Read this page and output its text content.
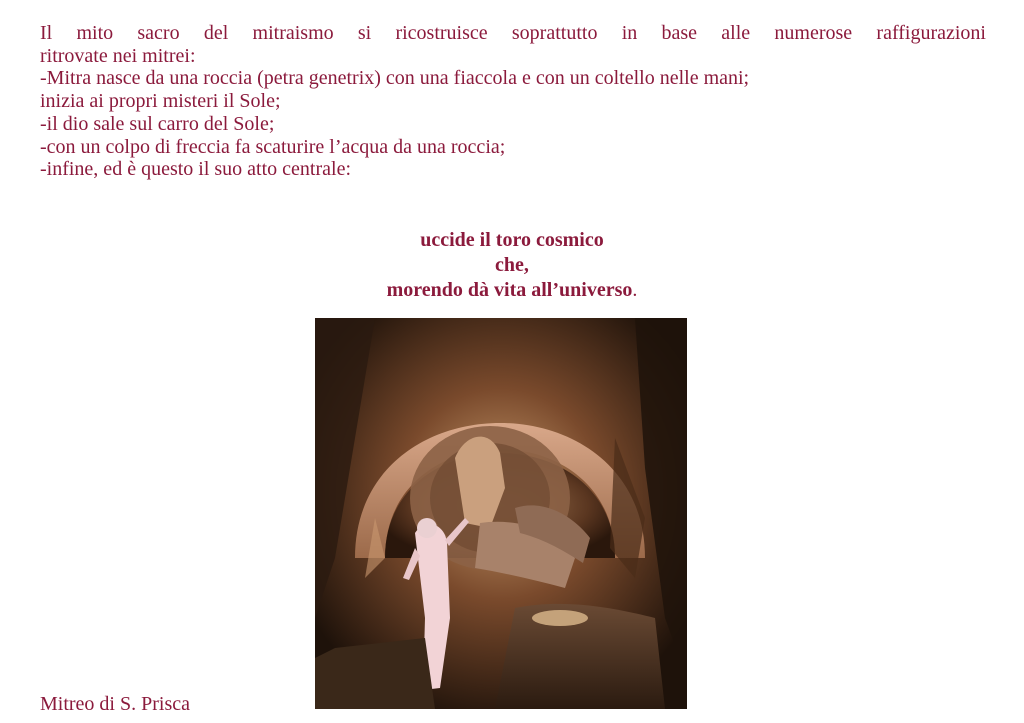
Il mito sacro del mitraismo si ricostruisce soprattutto in base alle numerose raffigurazioni
ritrovate nei mitrei:
-Mitra nasce da una roccia (petra genetrix) con una fiaccola e con un coltello nelle mani;
inizia ai propri misteri il Sole;
-il dio sale sul carro del Sole;
-con un colpo di freccia fa scaturire l’acqua da una roccia;
-infine, ed è questo il suo atto centrale:
uccide il toro cosmico
che,
morendo dà vita all’universo.
Mitreo di S. Prisca
